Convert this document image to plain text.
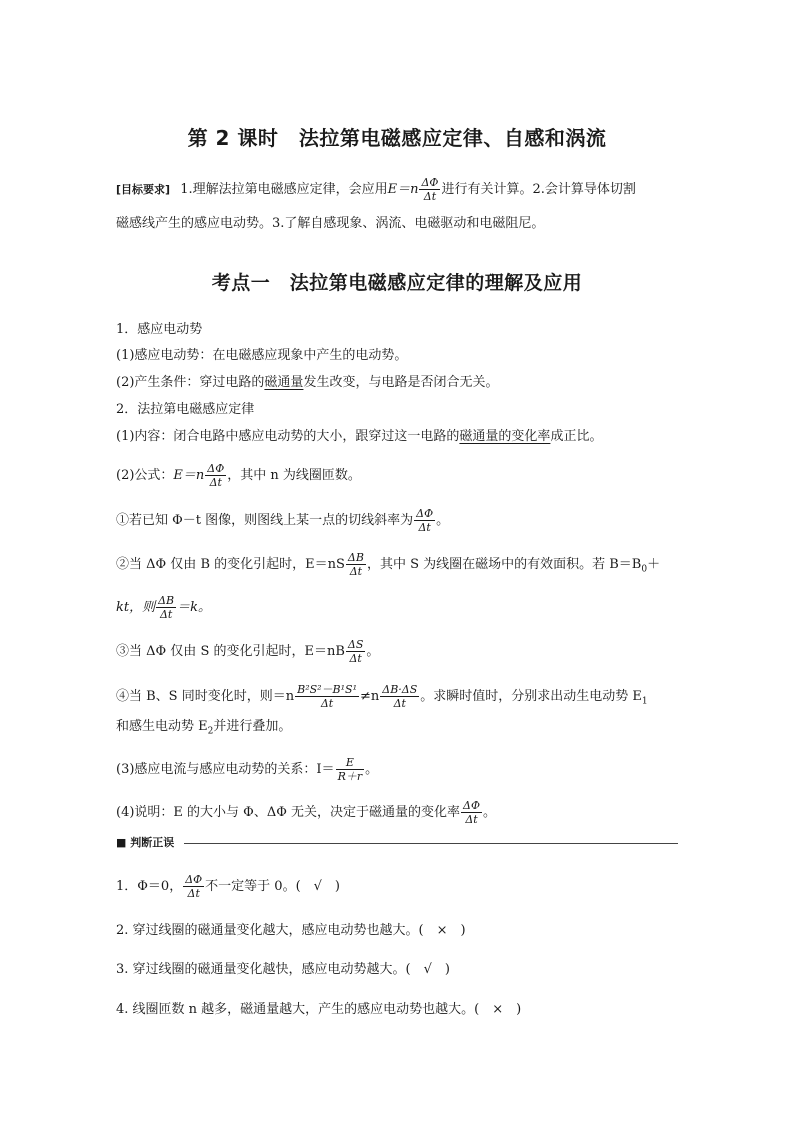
第 2 课时　法拉第电磁感应定律、自感和涡流
[目标要求] 1.理解法拉第电磁感应定律，会应用$E=n \frac{\Delta\Phi}{\Delta t}$ 进行有关计算。2.会计算导体切割
磁感线产生的感应电动势。3.了解自感现象、涡流、电磁驱动和电磁阻尼。
考点一　法拉第电磁感应定律的理解及应用
1．感应电动势
(1)感应电动势：在电磁感应现象中产生的电动势。
(2)产生条件：穿过电路的磁通量发生改变，与电路是否闭合无关。
2．法拉第电磁感应定律
(1)内容：闭合电路中感应电动势的大小，跟穿过这一电路的磁通量的变化率成正比。
(2)公式：$E=n \frac{\Delta\Phi}{\Delta t}$ ，其中 n 为线圈匝数。
①若已知 Φ－t 图像，则图线上某一点的切线斜率为 $\frac{\Delta\Phi}{\Delta t}$ 。
②当 ΔΦ 仅由 B 的变化引起时，$E=nS \frac{\Delta B}{\Delta t}$ ，其中 S 为线圈在磁场中的有效面积。若 $B=B_0+$
kt，则 $\frac{\Delta B}{\Delta t} =k$。
③当 ΔΦ 仅由 S 的变化引起时，$E=nB \frac{\Delta S}{\Delta t}$ 。
④当 B、S 同时变化时，则$=n \frac{\text{B²S²－B¹S¹}}{\Delta t} \ne n \frac{\Delta B\cdot\Delta S}{\Delta t}$ 。求瞬时值时，分别求出动生电动势 $E_1$
和感生电动势 $E_2$并进行叠加。
(3)感应电流与感应电动势的关系：$I= \frac{E}{R+r}$ 。
(4)说明：E 的大小与 Φ、ΔΦ 无关，决定于磁通量的变化率 $\frac{\Delta\Phi}{\Delta t}$ 。
■ 判断正误
1．Φ＝0， $\frac{\Delta\Phi}{\Delta t}$ 不一定等于 0。(　√　)
2. 穿过线圈的磁通量变化越大，感应电动势也越大。(　×　)
3. 穿过线圈的磁通量变化越快，感应电动势越大。(　√　)
4. 线圈匝数 n 越多，磁通量越大，产生的感应电动势也越大。(　×　)
